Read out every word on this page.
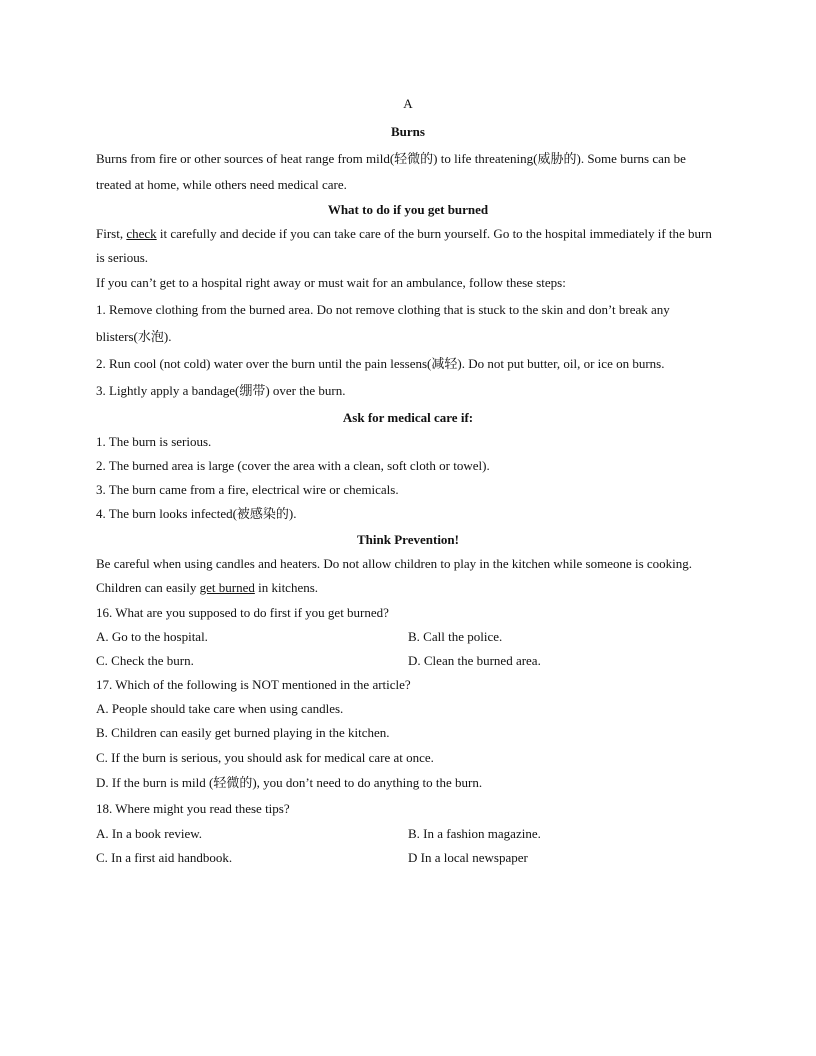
A
Burns
Burns from fire or other sources of heat range from mild(轻微的) to life threatening(威胁的). Some burns can be treated at home, while others need medical care.
What to do if you get burned
First, check it carefully and decide if you can take care of the burn yourself. Go to the hospital immediately if the burn is serious.
If you can’t get to a hospital right away or must wait for an ambulance, follow these steps:
1. Remove clothing from the burned area. Do not remove clothing that is stuck to the skin and don’t break any blisters(水泡).
2. Run cool (not cold) water over the burn until the pain lessens(减轻). Do not put butter, oil, or ice on burns.
3. Lightly apply a bandage(绷带) over the burn.
Ask for medical care if:
1. The burn is serious.
2. The burned area is large (cover the area with a clean, soft cloth or towel).
3. The burn came from a fire, electrical wire or chemicals.
4. The burn looks infected(被感染的).
Think Prevention!
Be careful when using candles and heaters. Do not allow children to play in the kitchen while someone is cooking. Children can easily get burned in kitchens.
16. What are you supposed to do first if you get burned?
A. Go to the hospital.	B. Call the police.
C. Check the burn.	D. Clean the burned area.
17. Which of the following is NOT mentioned in the article?
A. People should take care when using candles.
B. Children can easily get burned playing in the kitchen.
C. If the burn is serious, you should ask for medical care at once.
D. If the burn is mild (轻微的), you don’t need to do anything to the burn.
18. Where might you read these tips?
A. In a book review.	B. In a fashion magazine.
C. In a first aid handbook.	D In a local newspaper
